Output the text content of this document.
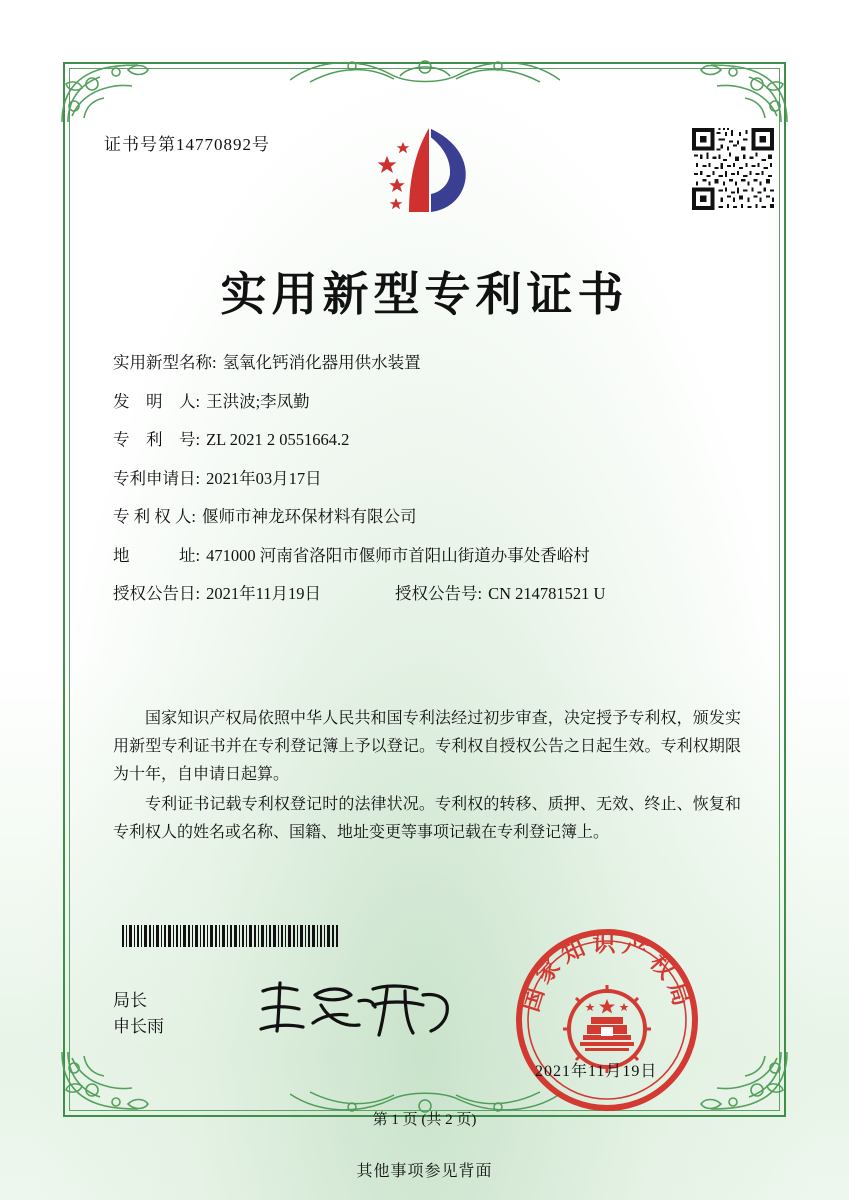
证书号第14770892号
实用新型专利证书
实用新型名称: 氢氧化钙消化器用供水装置
发　明　人: 王洪波;李凤勤
专　利　号: ZL 2021 2 0551664.2
专利申请日: 2021年03月17日
专 利 权 人: 偃师市神龙环保材料有限公司
地　　　址: 471000 河南省洛阳市偃师市首阳山街道办事处香峪村
授权公告日: 2021年11月19日	授权公告号: CN 214781521 U

国家知识产权局依照中华人民共和国专利法经过初步审查，决定授予专利权，颁发实用新型专利证书并在专利登记簿上予以登记。专利权自授权公告之日起生效。专利权期限为十年，自申请日起算。

专利证书记载专利权登记时的法律状况。专利权的转移、质押、无效、终止、恢复和专利权人的姓名或名称、国籍、地址变更等事项记载在专利登记簿上。

局长
申长雨
国家知识产权局
2021年11月19日
第 1 页 (共 2 页)
其他事项参见背面
